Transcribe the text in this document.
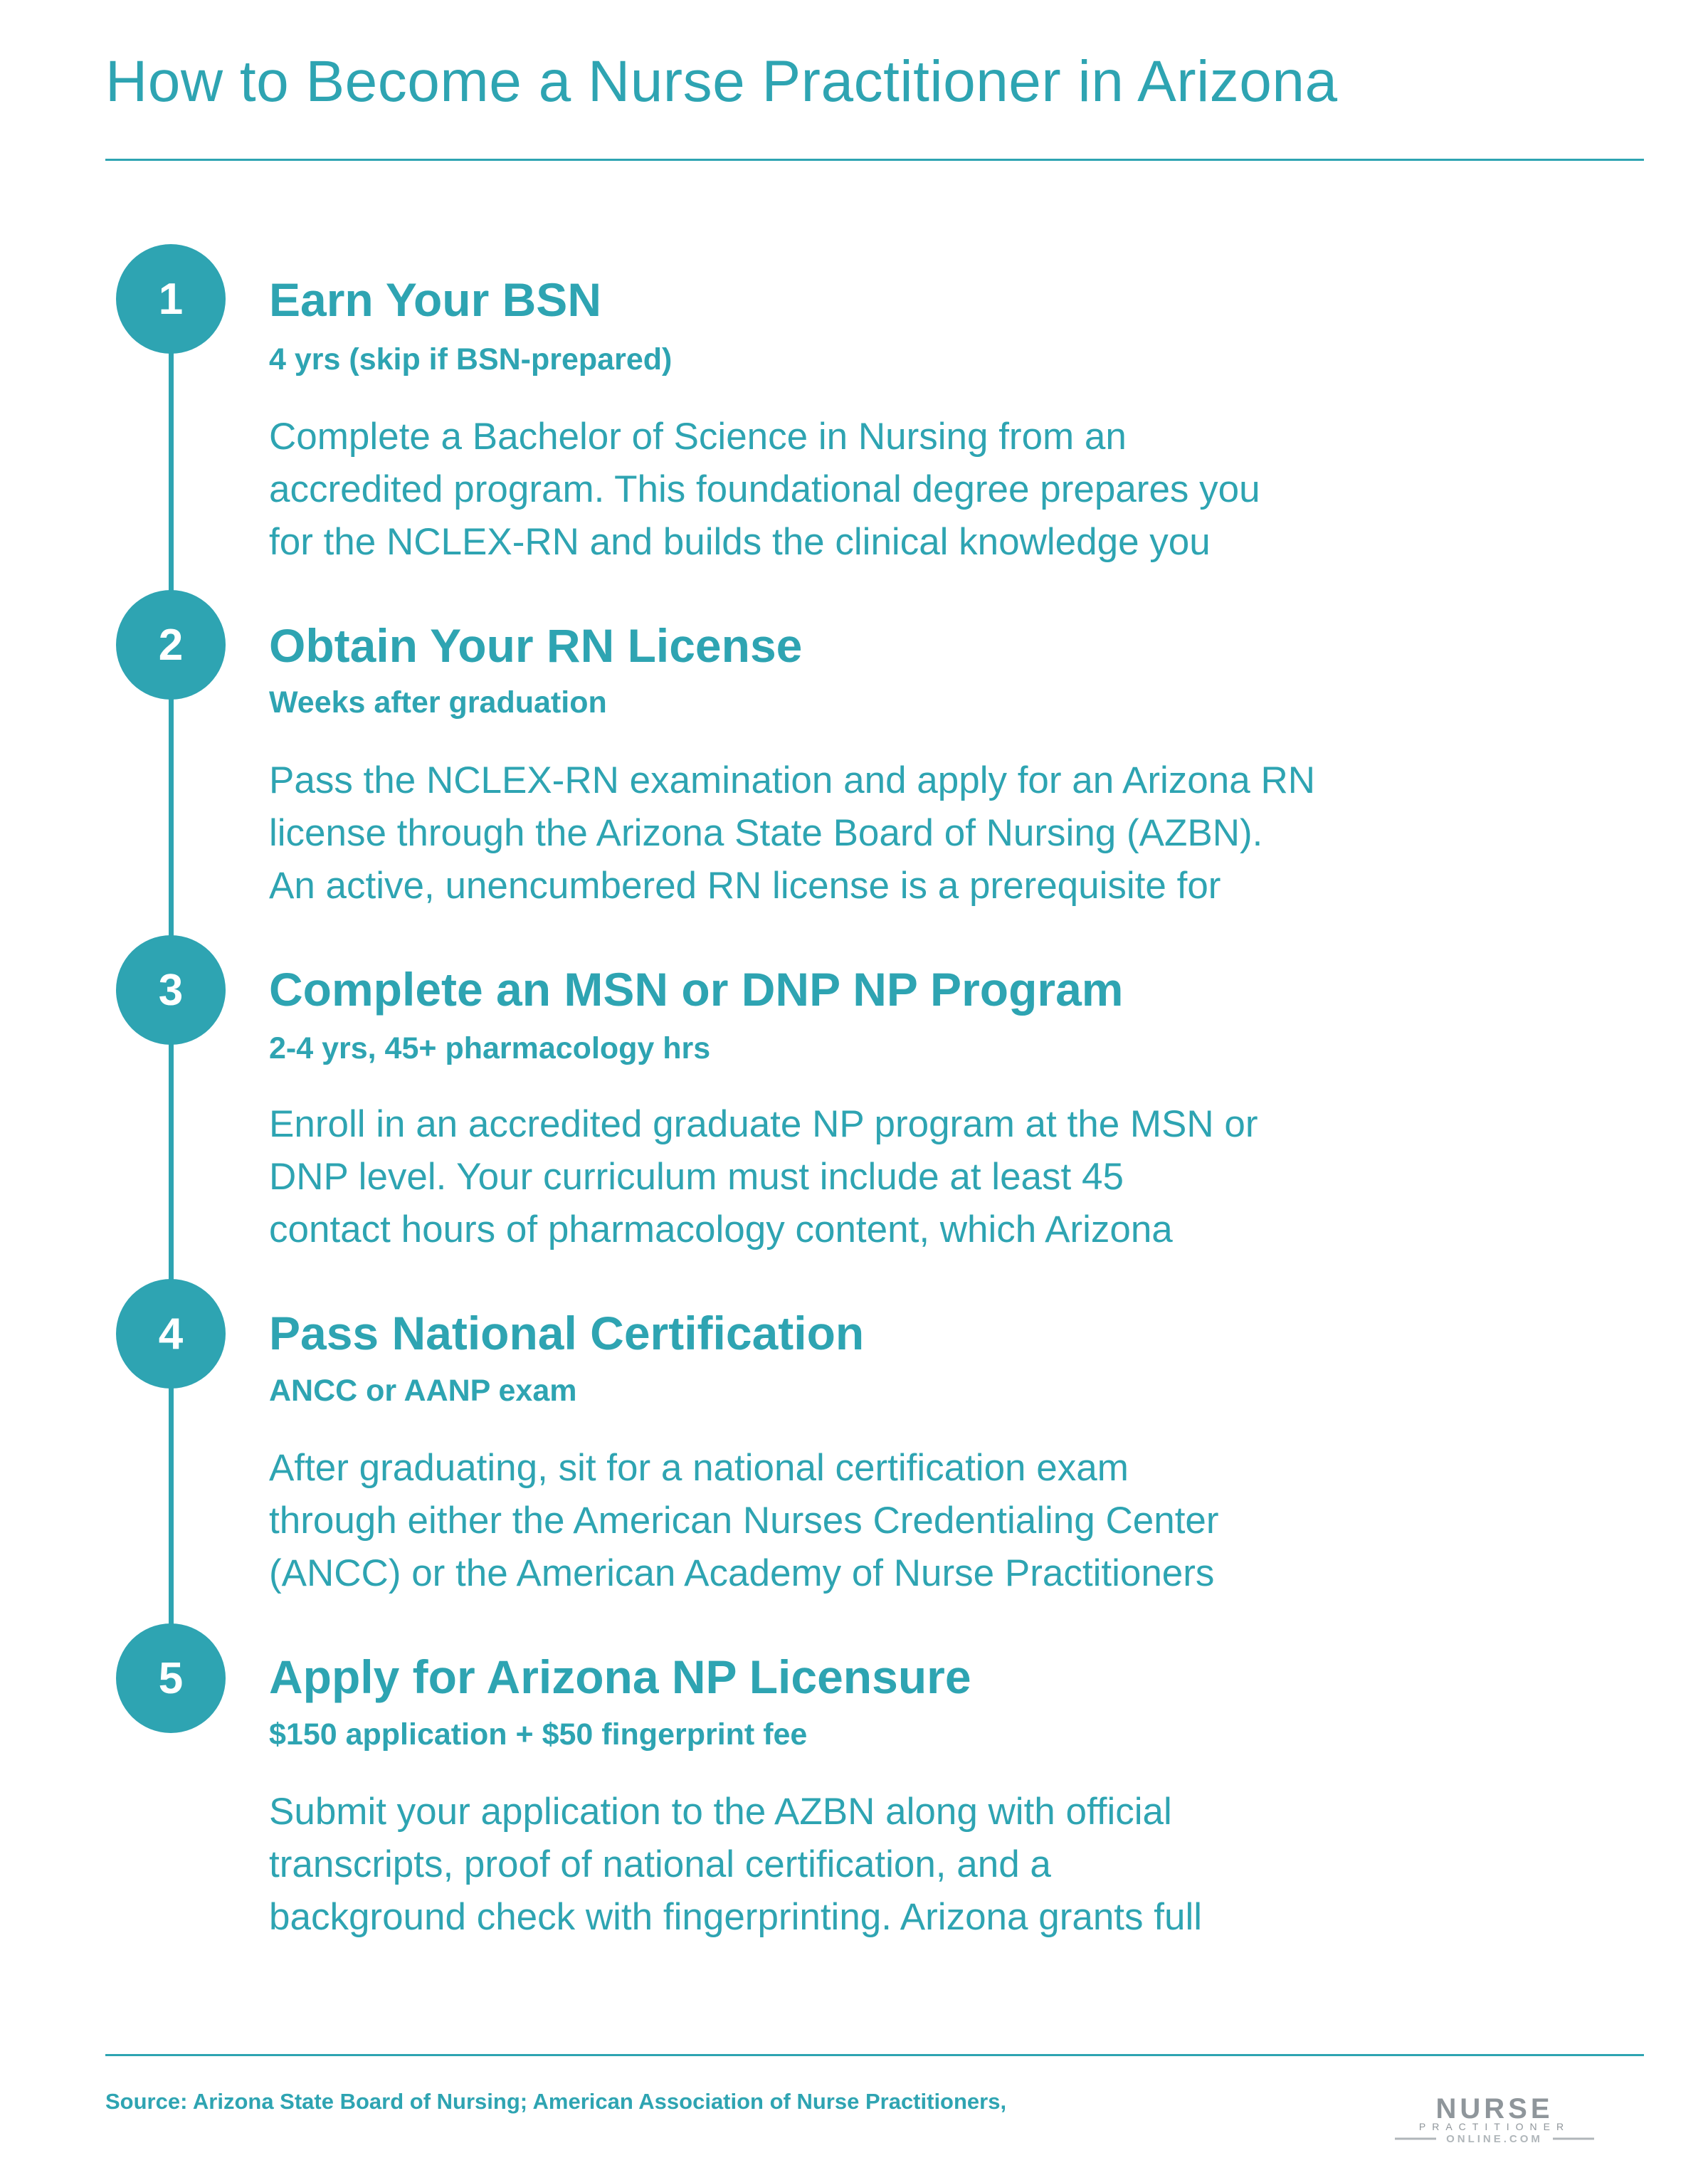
How to Become a Nurse Practitioner in Arizona
1	Earn Your BSN
4 yrs (skip if BSN-prepared)
Complete a Bachelor of Science in Nursing from an
accredited program. This foundational degree prepares you
for the NCLEX-RN and builds the clinical knowledge you
2	Obtain Your RN License
Weeks after graduation
Pass the NCLEX-RN examination and apply for an Arizona RN
license through the Arizona State Board of Nursing (AZBN).
An active, unencumbered RN license is a prerequisite for
3	Complete an MSN or DNP NP Program
2-4 yrs, 45+ pharmacology hrs
Enroll in an accredited graduate NP program at the MSN or
DNP level. Your curriculum must include at least 45
contact hours of pharmacology content, which Arizona
4	Pass National Certification
ANCC or AANP exam
After graduating, sit for a national certification exam
through either the American Nurses Credentialing Center
(ANCC) or the American Academy of Nurse Practitioners
5	Apply for Arizona NP Licensure
$150 application + $50 fingerprint fee
Submit your application to the AZBN along with official
transcripts, proof of national certification, and a
background check with fingerprinting. Arizona grants full
Source: Arizona State Board of Nursing; American Association of Nurse Practitioners,	NURSE
PRACTITIONER
ONLINE.COM
